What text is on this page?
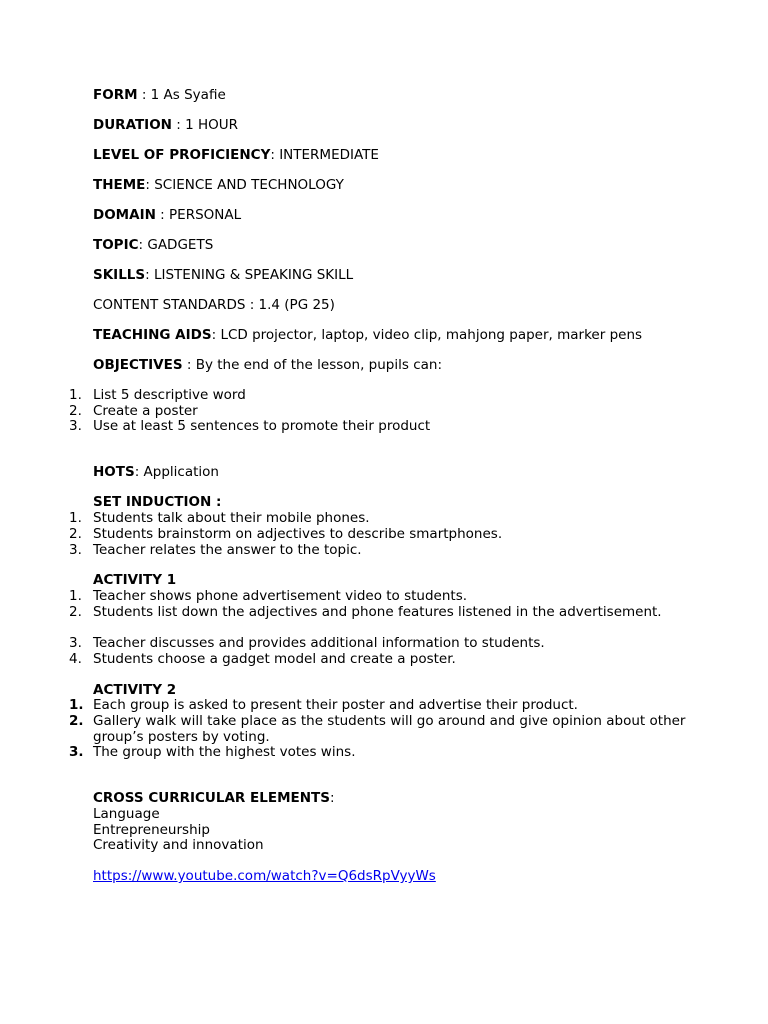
FORM : 1 As Syafie
DURATION : 1 HOUR
LEVEL OF PROFICIENCY: INTERMEDIATE
THEME: SCIENCE AND TECHNOLOGY
DOMAIN : PERSONAL
TOPIC: GADGETS
SKILLS: LISTENING & SPEAKING SKILL
CONTENT STANDARDS : 1.4 (PG 25)
TEACHING AIDS: LCD projector, laptop, video clip, mahjong paper, marker pens
OBJECTIVES : By the end of the lesson, pupils can:
1. List 5 descriptive word
2. Create a poster
3. Use at least 5 sentences to promote their product
HOTS: Application
SET INDUCTION :
1. Students talk about their mobile phones.
2. Students brainstorm on adjectives to describe smartphones.
3. Teacher relates the answer to the topic.
ACTIVITY 1
1. Teacher shows phone advertisement video to students.
2. Students list down the adjectives and phone features listened in the advertisement.
3. Teacher discusses and provides additional information to students.
4. Students choose a gadget model and create a poster.
ACTIVITY 2
1. Each group is asked to present their poster and advertise their product.
2. Gallery walk will take place as the students will go around and give opinion about other group’s posters by voting.
3. The group with the highest votes wins.
CROSS CURRICULAR ELEMENTS:
Language
Entrepreneurship
Creativity and innovation
https://www.youtube.com/watch?v=Q6dsRpVyyWs
